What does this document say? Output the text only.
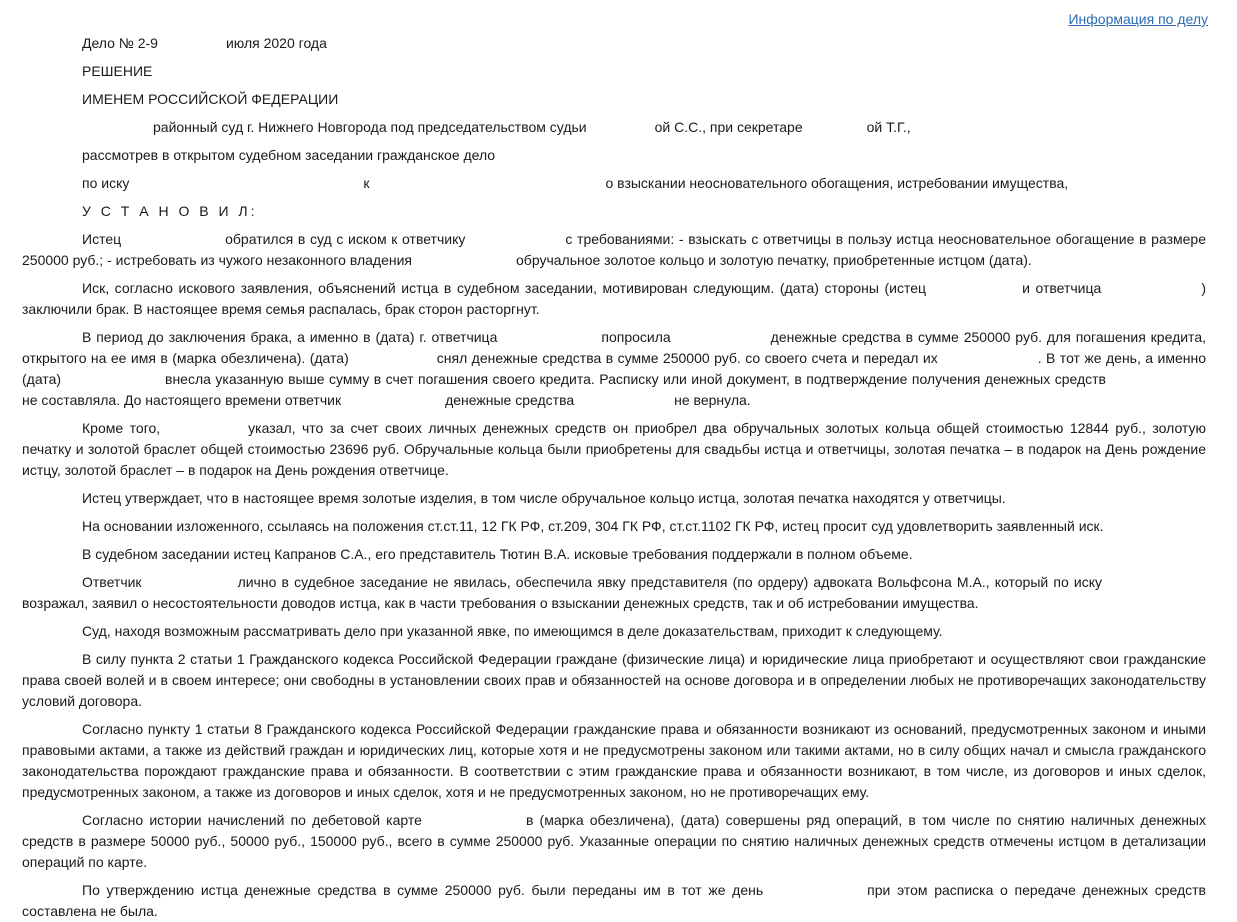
Информация по делу
Дело № 2-9	июля 2020 года
РЕШЕНИЕ
ИМЕНЕМ РОССИЙСКОЙ ФЕДЕРАЦИИ
районный суд г. Нижнего Новгорода под председательством судьи	ой С.С., при секретаре	ой Т.Г.,
рассмотрев в открытом судебном заседании гражданское дело
по иску	к	о взыскании неосновательного обогащения, истребовании имущества,
У С Т А Н О В И Л:
Истец	обратился в суд с иском к ответчику	с требованиями: - взыскать с ответчицы в пользу истца неосновательное обогащение в размере 250000 руб.; - истребовать из чужого незаконного владения	обручальное золотое кольцо и золотую печатку, приобретенные истцом (дата).
Иск, согласно искового заявления, объяснений истца в судебном заседании, мотивирован следующим. (дата) стороны (истец	и ответчица	) заключили брак. В настоящее время семья распалась, брак сторон расторгнут.
В период до заключения брака, а именно в (дата) г. ответчица	попросила	денежные средства в сумме 250000 руб. для погашения кредита, открытого на ее имя в (марка обезличена). (дата)	снял денежные средства в сумме 250000 руб. со своего счета и передал их	. В тот же день, а именно (дата)	внесла указанную выше сумму в счет погашения своего кредита. Расписку или иной документ, в подтверждение получения денежных средствне составляла. До настоящего времени ответчик	денежные средства	не вернула.
Кроме того,	указал, что за счет своих личных денежных средств он приобрел два обручальных золотых кольца общей стоимостью 12844 руб., золотую печатку и золотой браслет общей стоимостью 23696 руб. Обручальные кольца были приобретены для свадьбы истца и ответчицы, золотая печатка – в подарок на День рождение истцу, золотой браслет – в подарок на День рождения ответчице.
Истец утверждает, что в настоящее время золотые изделия, в том числе обручальное кольцо истца, золотая печатка находятся у ответчицы.
На основании изложенного, ссылаясь на положения ст.ст.11, 12 ГК РФ, ст.209, 304 ГК РФ, ст.ст.1102 ГК РФ, истец просит суд удовлетворить заявленный иск.
В судебном заседании истец Капранов С.А., его представитель Тютин В.А. исковые требования поддержали в полном объеме.
Ответчик	лично в судебное заседание не явилась, обеспечила явку представителя (по ордеру) адвоката Вольфсона М.А., который по искувозражал, заявил о несостоятельности доводов истца, как в части требования о взыскании денежных средств, так и об истребовании имущества.
Суд, находя возможным рассматривать дело при указанной явке, по имеющимся в деле доказательствам, приходит к следующему.
В силу пункта 2 статьи 1 Гражданского кодекса Российской Федерации граждане (физические лица) и юридические лица приобретают и осуществляют свои гражданские права своей волей и в своем интересе; они свободны в установлении своих прав и обязанностей на основе договора и в определении любых не противоречащих законодательству условий договора.
Согласно пункту 1 статьи 8 Гражданского кодекса Российской Федерации гражданские права и обязанности возникают из оснований, предусмотренных законом и иными правовыми актами, а также из действий граждан и юридических лиц, которые хотя и не предусмотрены законом или такими актами, но в силу общих начал и смысла гражданского законодательства порождают гражданские права и обязанности. В соответствии с этим гражданские права и обязанности возникают, в том числе, из договоров и иных сделок, предусмотренных законом, а также из договоров и иных сделок, хотя и не предусмотренных законом, но не противоречащих ему.
Согласно истории начислений по дебетовой карте	в (марка обезличена), (дата) совершены ряд операций, в том числе по снятию наличных денежных средств в размере 50000 руб., 50000 руб., 150000 руб., всего в сумме 250000 руб. Указанные операции по снятию наличных денежных средств отмечены истцом в детализации операций по карте.
По утверждению истца денежные средства в сумме 250000 руб. были переданы им в тот же день	при этом расписка о передаче денежных средств составлена не была.
